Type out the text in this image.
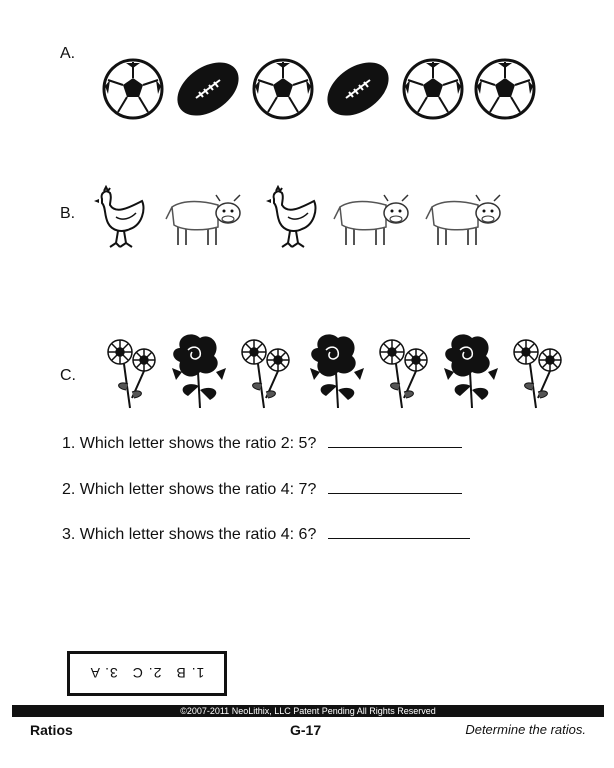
A.
B.
C.
1. Which letter shows the ratio 2: 5?
2. Which letter shows the ratio 4: 7?
3. Which letter shows the ratio 4: 6?
1. B
2. C
3. A
©2007-2011 NeoLithix, LLC Patent Pending All Rights Reserved
Ratios	G-17	Determine the ratios.
